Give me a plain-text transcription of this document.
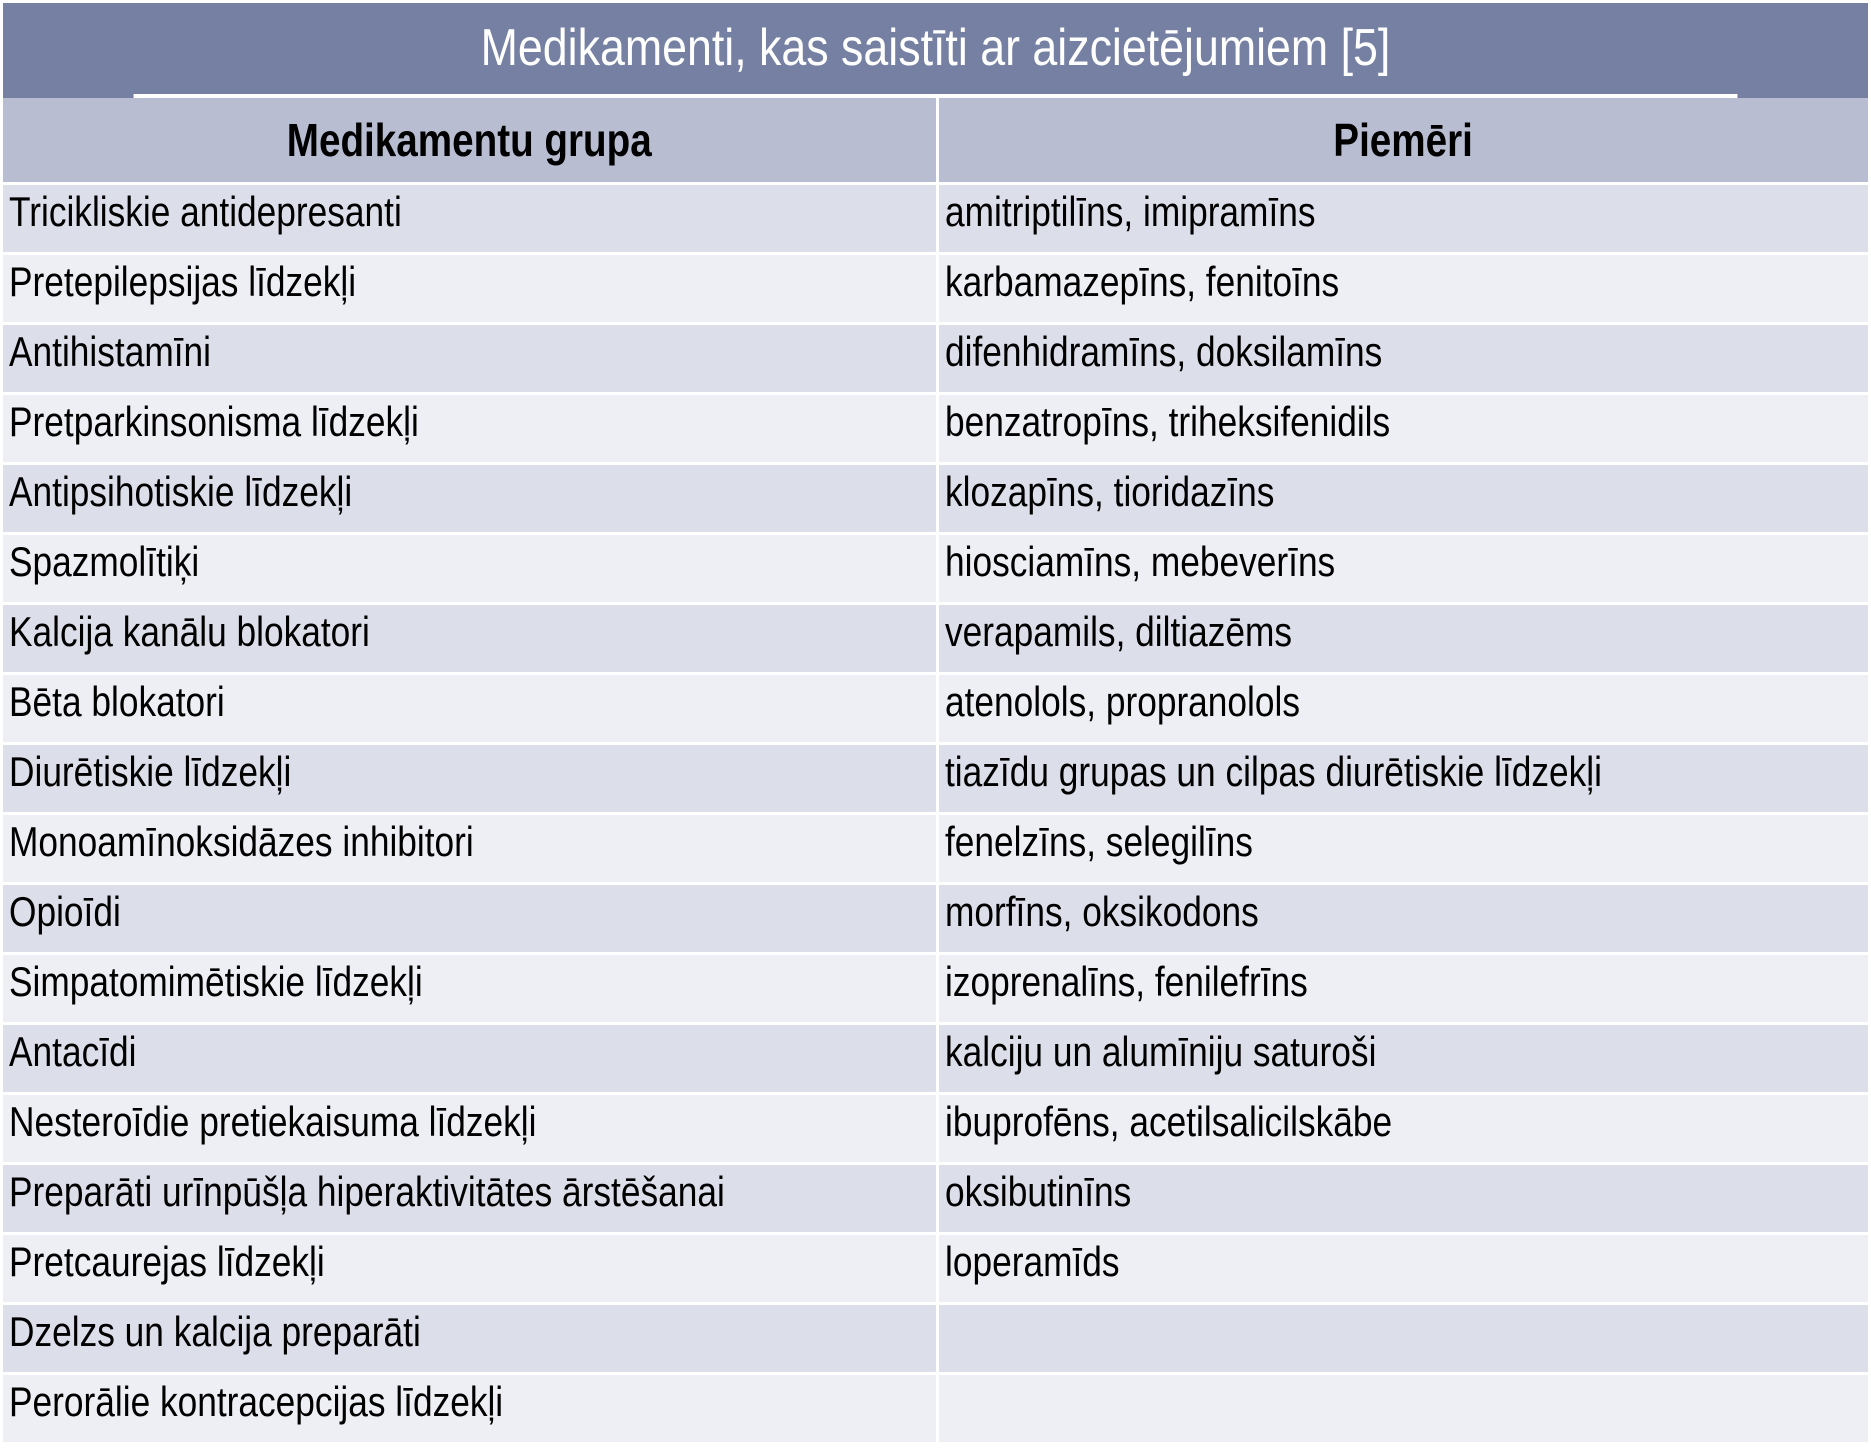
Medikamenti, kas saistīti ar aizcietējumiem [5]
Medikamentu grupa	Piemēri
Tricikliskie antidepresanti	amitriptilīns, imipramīns
Pretepilepsijas līdzekļi	karbamazepīns, fenitoīns
Antihistamīni	difenhidramīns, doksilamīns
Pretparkinsonisma līdzekļi	benzatropīns, triheksifenidils
Antipsihotiskie līdzekļi	klozapīns, tioridazīns
Spazmolītiķi	hiosciamīns, mebeverīns
Kalcija kanālu blokatori	verapamils, diltiazēms
Bēta blokatori	atenolols, propranolols
Diurētiskie līdzekļi	tiazīdu grupas un cilpas diurētiskie līdzekļi
Monoamīnoksidāzes inhibitori	fenelzīns, selegilīns
Opioīdi	morfīns, oksikodons
Simpatomimētiskie līdzekļi	izoprenalīns, fenilefrīns
Antacīdi	kalciju un alumīniju saturoši
Nesteroīdie pretiekaisuma līdzekļi	ibuprofēns, acetilsalicilskābe
Preparāti urīnpūšļa hiperaktivitātes ārstēšanai	oksibutinīns
Pretcaurejas līdzekļi	loperamīds
Dzelzs un kalcija preparāti	
Perorālie kontracepcijas līdzekļi	
